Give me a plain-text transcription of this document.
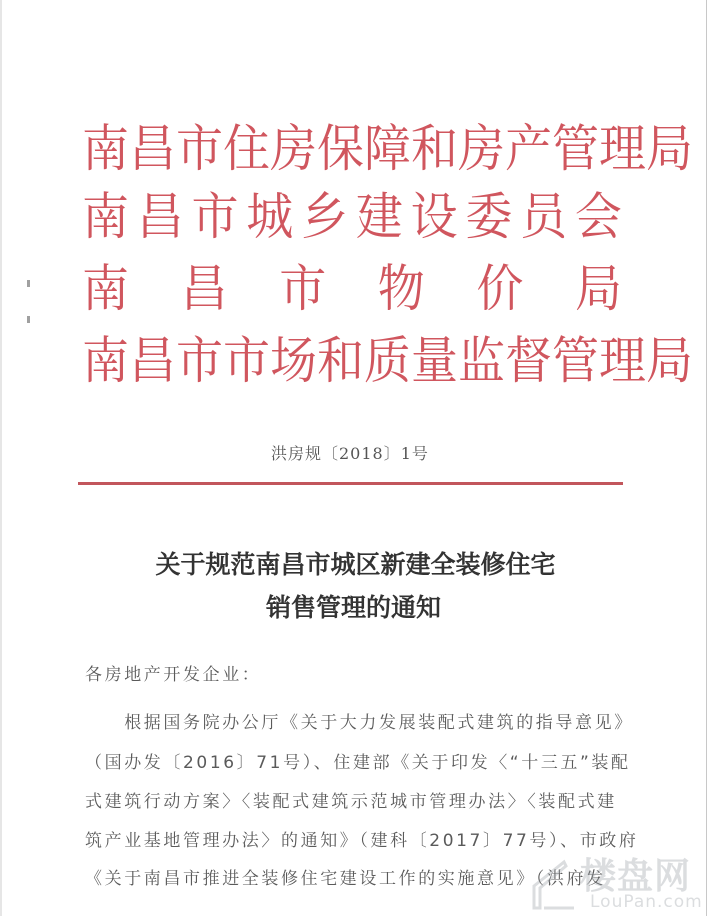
南 昌 市 住 房 保 障 和 房 产 管 理 局
南 昌 市 城 乡 建 设 委 员 会
南 昌 市 物 价 局
南 昌 市 市 场 和 质 量 监 督 管 理 局
洪房规〔2018〕1号
关于规范南昌市城区新建全装修住宅
销售管理的通知
各房地产开发企业：
　　根据国务院办公厅《关于大力发展装配式建筑的指导意见》
（国办发〔2016〕71号）、住建部《关于印发〈“十三五”装配
式建筑行动方案〉〈装配式建筑示范城市管理办法〉〈装配式建
筑产业基地管理办法〉的通知》（建科〔2017〕77号）、市政府
《关于南昌市推进全装修住宅建设工作的实施意见》（洪府发
楼盘网
LouPan.com
